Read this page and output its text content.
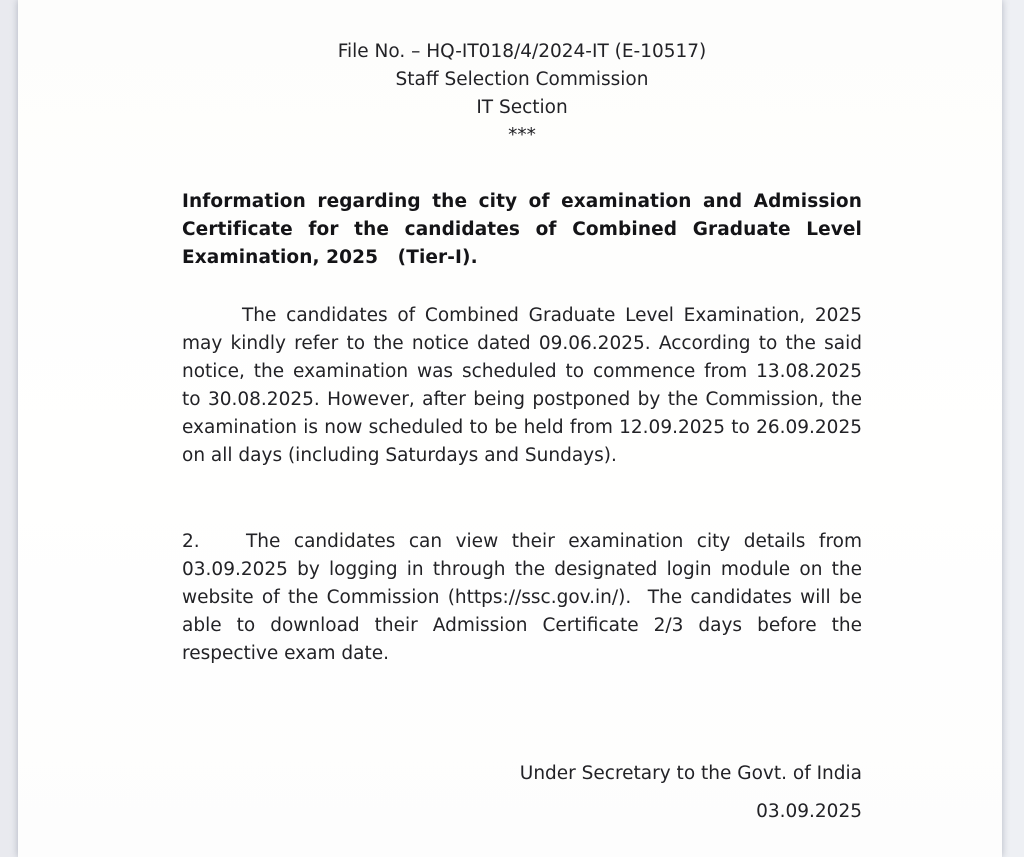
File No. – HQ-IT018/4/2024-IT (E-10517)
Staff Selection Commission
IT Section
***

Information regarding the city of examination and Admission Certificate for the candidates of Combined Graduate Level Examination, 2025   (Tier-I).

The candidates of Combined Graduate Level Examination, 2025 may kindly refer to the notice dated 09.06.2025. According to the said notice, the examination was scheduled to commence from 13.08.2025 to 30.08.2025. However, after being postponed by the Commission, the examination is now scheduled to be held from 12.09.2025 to 26.09.2025 on all days (including Saturdays and Sundays).

2.	The candidates can view their examination city details from 03.09.2025 by logging in through the designated login module on the website of the Commission (https://ssc.gov.in/).  The candidates will be able to download their Admission Certificate 2/3 days before the respective exam date.

Under Secretary to the Govt. of India
03.09.2025
